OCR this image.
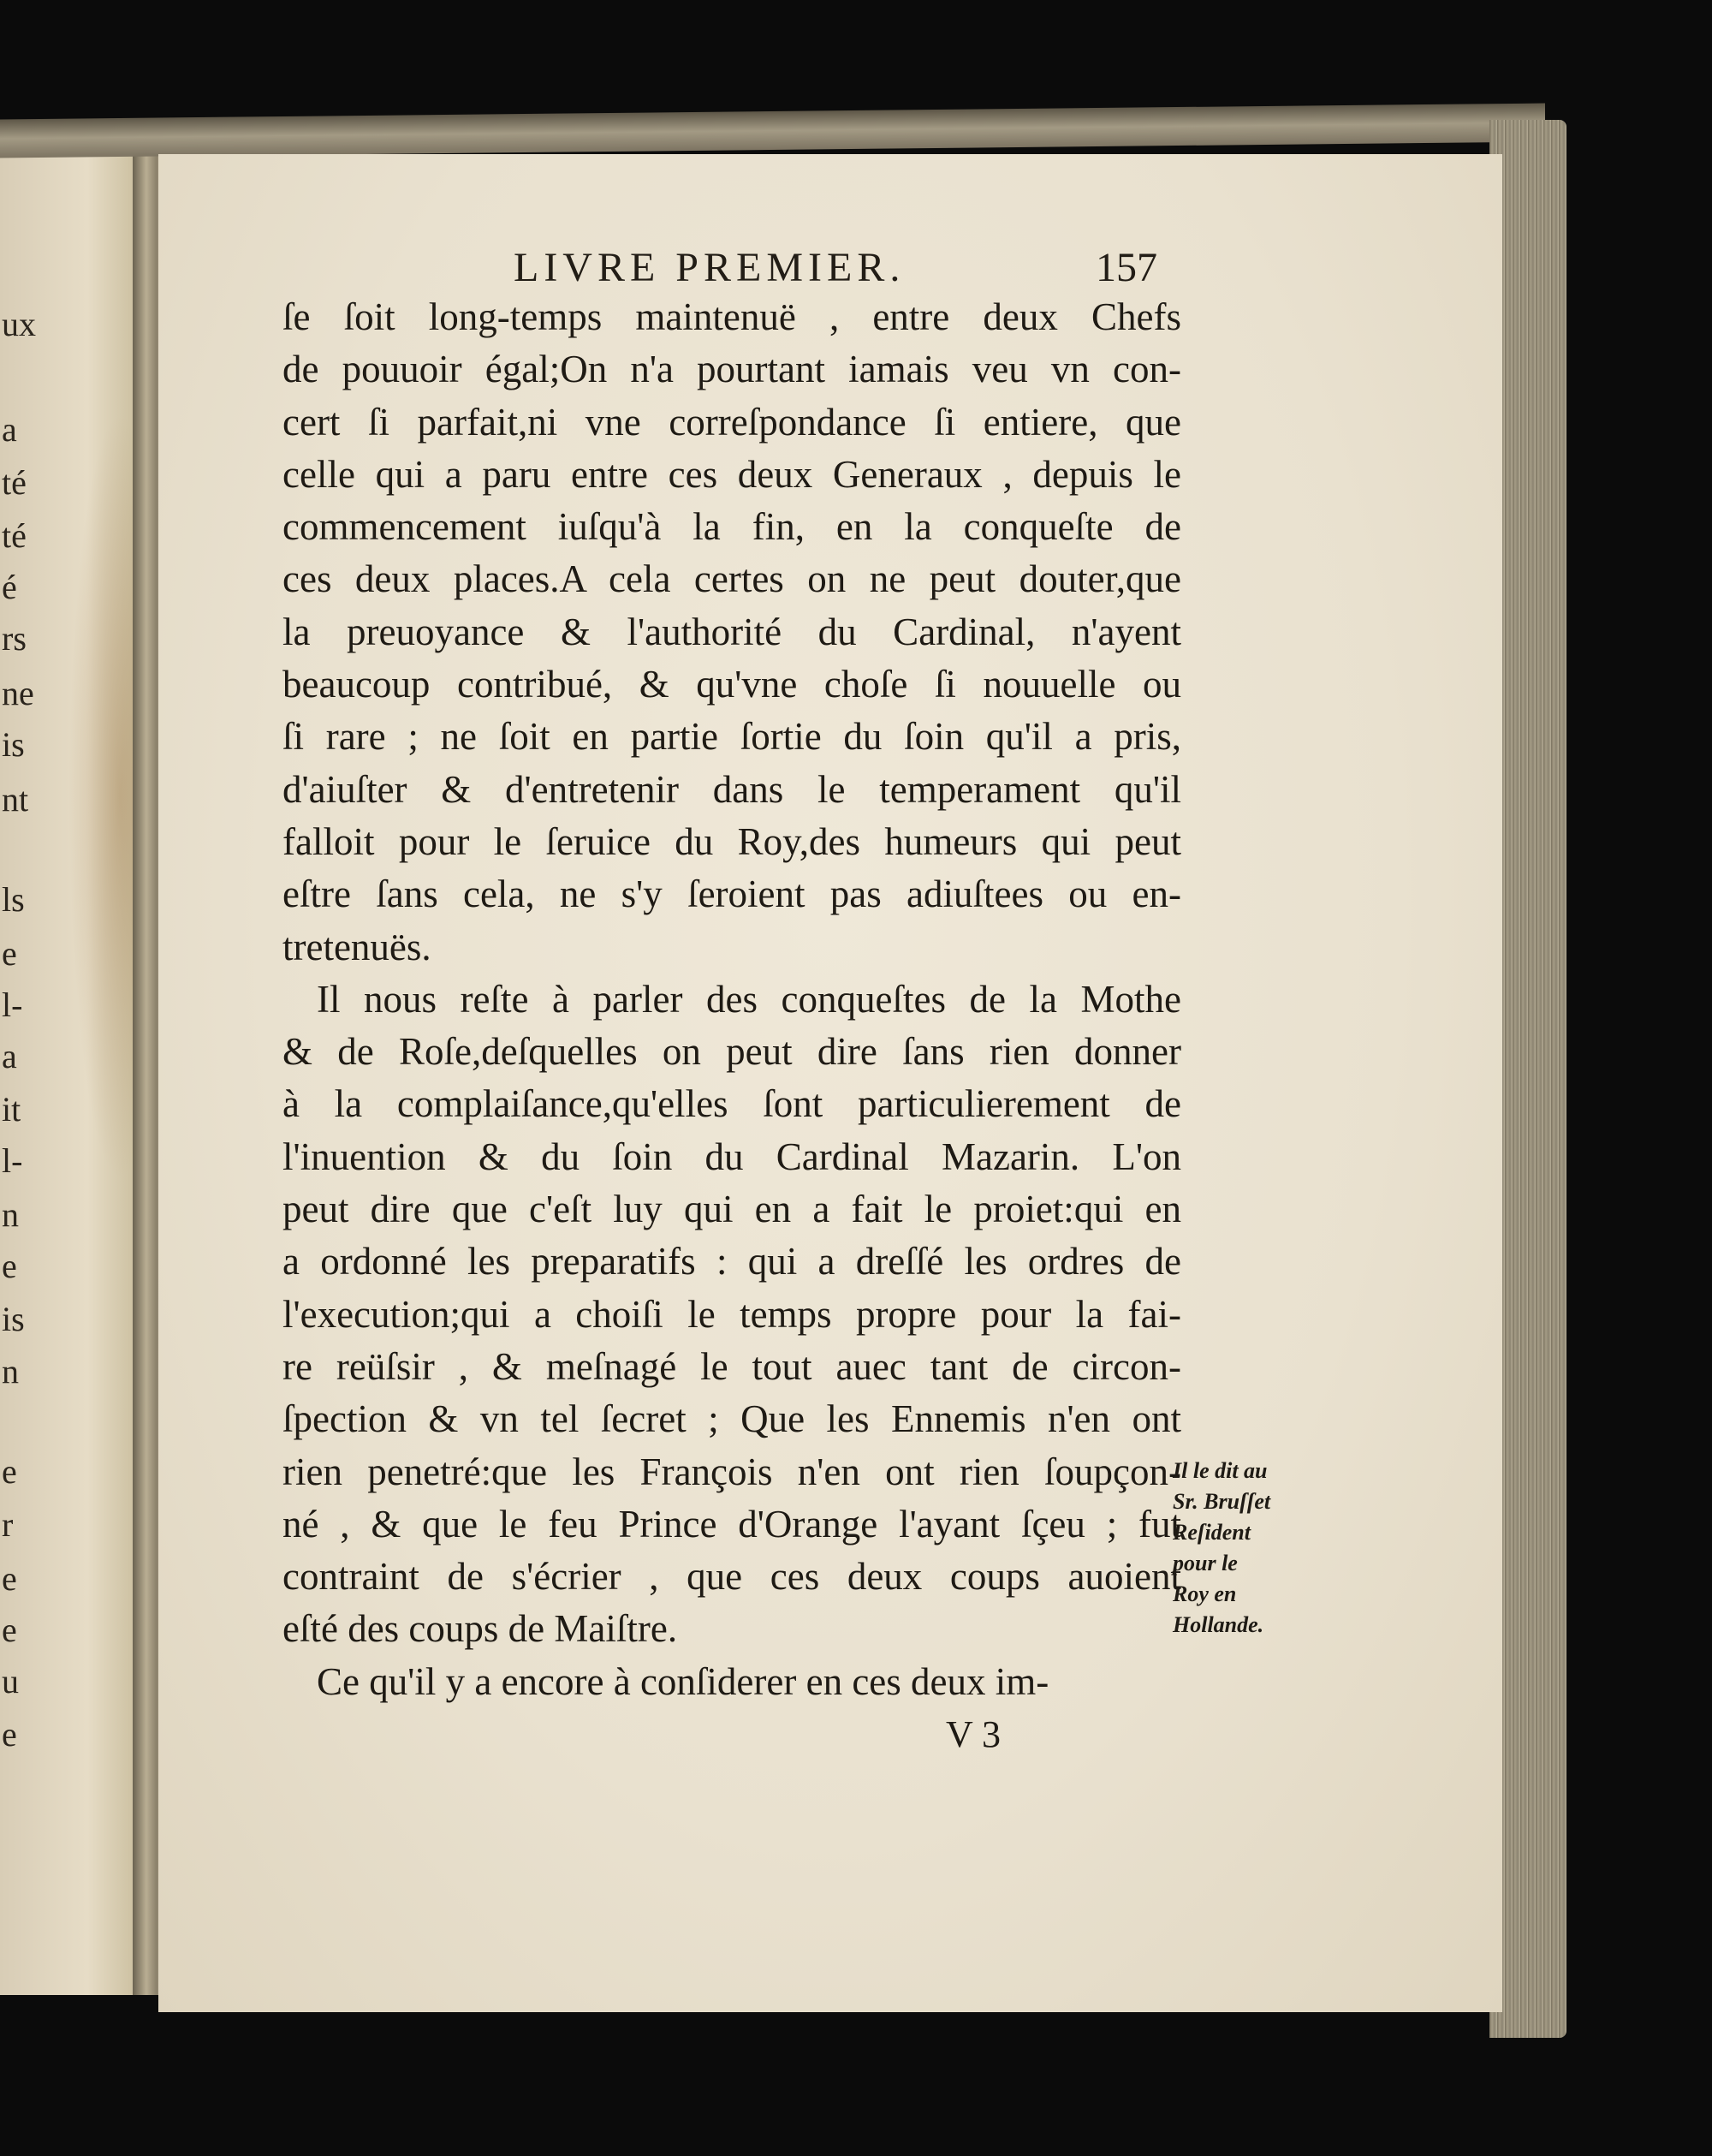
ux
a
té
té
é
rs
ne
is
nt
ls
e
l-
a
it
l-
n
e
is
n
e
r
e
e
u
e
LIVRE PREMIER.	157
ſe ſoit long-temps maintenuë , entre deux Chefs
de pouuoir égal;On n'a pourtant iamais veu vn con-
cert ſi parfait,ni vne correſpondance ſi entiere, que
celle qui a paru entre ces deux Generaux , depuis le
commencement iuſqu'à la fin, en la conqueſte de
ces deux places.A cela certes on ne peut douter,que
la preuoyance & l'authorité du Cardinal, n'ayent
beaucoup contribué, & qu'vne choſe ſi nouuelle ou
ſi rare ; ne ſoit en partie ſortie du ſoin qu'il a pris,
d'aiuſter & d'entretenir dans le temperament qu'il
falloit pour le ſeruice du Roy,des humeurs qui peut
eſtre ſans cela, ne s'y ſeroient pas adiuſtees ou en-
tretenuës.
Il nous reſte à parler des conqueſtes de la Mothe
& de Roſe,deſquelles on peut dire ſans rien donner
à la complaiſance,qu'elles ſont particulierement de
l'inuention & du ſoin du Cardinal Mazarin. L'on
peut dire que c'eſt luy qui en a fait le proiet:qui en
a ordonné les preparatifs : qui a dreſſé les ordres de
l'execution;qui a choiſi le temps propre pour la fai-
re reüſsir , & meſnagé le tout auec tant de circon-
ſpection & vn tel ſecret ; Que les Ennemis n'en ont
rien penetré:que les François n'en ont rien ſoupçon-
né , & que le feu Prince d'Orange l'ayant ſçeu ; fut
contraint de s'écrier , que ces deux coups auoient
eſté des coups de Maiſtre.
Ce qu'il y a encore à conſiderer en ces deux im-
Il le dit au
Sr. Bruſſet
Reſident
pour le
Roy en
Hollande.
V 3
